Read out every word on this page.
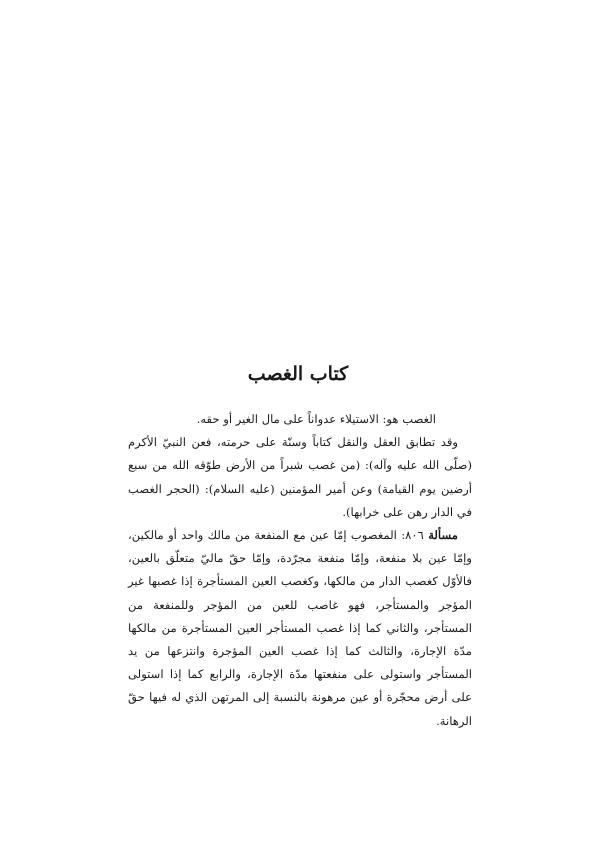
كتاب الغصب

الغصب هو: الاستيلاء عدواناً على مال الغير أو حقه.

وقد تطابق العقل والنقل كتاباً وسنّة على حرمته، فعن النبيّ الأكرم (صلّى الله عليه وآله): (من غصب شبراً من الأرض طوّقه الله من سبع أرضين يوم القيامة) وعن أمير المؤمنين (عليه السلام): (الحجر الغصب في الدار رهن على خرابها).

مسألة ٨٠٦: المغصوب إمّا عين مع المنفعة من مالك واحد أو مالكين، وإمّا عين بلا منفعة، وإمّا منفعة مجرّدة، وإمّا حقّ ماليّ متعلّق بالعين، فالأوّل كغصب الدار من مالكها، وكغصب العين المستأجرة إذا غصبها غير المؤجر والمستأجر، فهو غاصب للعين من المؤجر وللمنفعة من المستأجر، والثاني كما إذا غصب المستأجر العين المستأجرة من مالكها مدّة الإجارة، والثالث كما إذا غصب العين المؤجرة وانتزعها من يد المستأجر واستولى على منفعتها مدّة الإجارة، والرابع كما إذا استولى على أرض محجّرة أو عين مرهونة بالنسبة إلى المرتهن الذي له فيها حقّ الرهانة.
